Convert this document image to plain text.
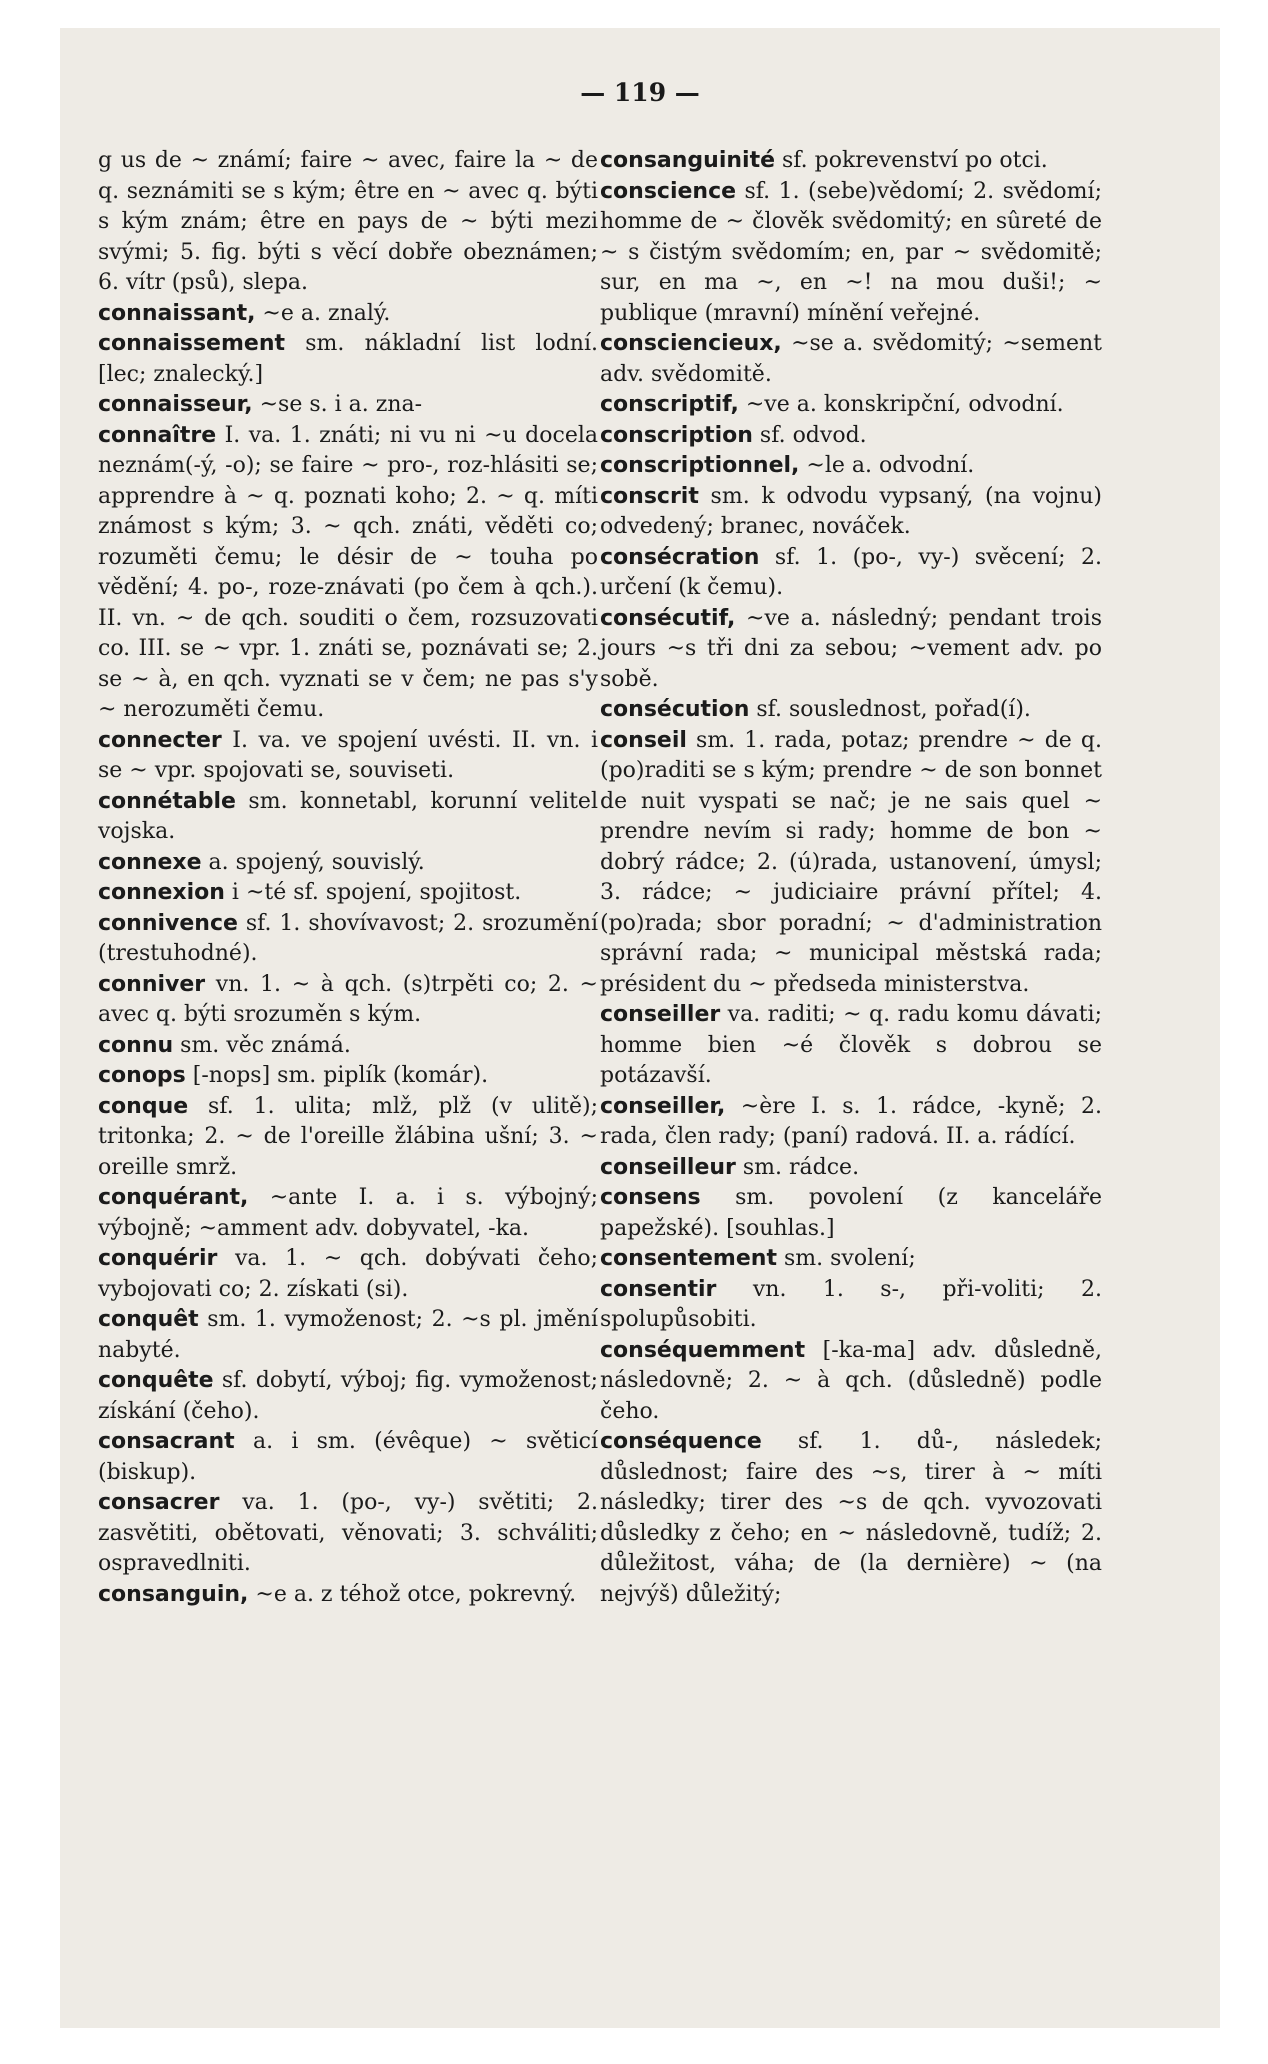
— 119 —

g us de ~ známí; faire ~ avec, faire la ~ de q. seznámiti se s kým; être en ~ avec q. býti s kým znám; être en pays de ~ býti mezi svými; 5. fig. býti s věcí dobře obeznámen; 6. vítr (psů), slepa.

connaissant, ~e a. znalý.

connaissement sm. nákladní list lodní. [lec; znalecký.]

connaisseur, ~se s. i a. zna-

connaître I. va. 1. znáti; ni vu ni ~u docela neznám(-ý, -o); se faire ~ pro-, roz-hlásiti se; apprendre à ~ q. poznati koho; 2. ~ q. míti známost s kým; 3. ~ qch. znáti, věděti co; rozuměti čemu; le désir de ~ touha po vědění; 4. po-, roze-znávati (po čem à qch.). II. vn. ~ de qch. souditi o čem, rozsuzovati co. III. se ~ vpr. 1. znáti se, poznávati se; 2. se ~ à, en qch. vyznati se v čem; ne pas s'y ~ nerozuměti čemu.

connecter I. va. ve spojení uvésti. II. vn. i se ~ vpr. spojovati se, souviseti.

connétable sm. konnetabl, korunní velitel vojska.

connexe a. spojený, souvislý.

connexion i ~té sf. spojení, spojitost.

connivence sf. 1. shovívavost; 2. srozumění (trestuhodné).

conniver vn. 1. ~ à qch. (s)trpěti co; 2. ~ avec q. býti srozuměn s kým.

connu sm. věc známá.

conops [-nops] sm. piplík (komár).

conque sf. 1. ulita; mlž, plž (v ulitě); tritonka; 2. ~ de l'oreille žlábina ušní; 3. ~ oreille smrž.

conquérant, ~ante I. a. i s. výbojný; výbojně; ~amment adv. dobyvatel, -ka.

conquérir va. 1. ~ qch. dobývati čeho; vybojovati co; 2. získati (si).

conquêt sm. 1. vymoženost; 2. ~s pl. jmění nabyté.

conquête sf. dobytí, výboj; fig. vymoženost; získání (čeho).

consacrant a. i sm. (évêque) ~ světicí (biskup).

consacrer va. 1. (po-, vy-) světiti; 2. zasvětiti, obětovati, věnovati; 3. schváliti; ospravedlniti.

consanguin, ~e a. z téhož otce, pokrevný.

consanguinité sf. pokrevenství po otci.

conscience sf. 1. (sebe)vědomí; 2. svědomí; homme de ~ člověk svědomitý; en sûreté de ~ s čistým svědomím; en, par ~ svědomitě; sur, en ma ~, en ~! na mou duši!; ~ publique (mravní) mínění veřejné.

consciencieux, ~se a. svědomitý; ~sement adv. svědomitě.

conscriptif, ~ve a. konskripční, odvodní.

conscription sf. odvod.

conscriptionnel, ~le a. odvodní.

conscrit sm. k odvodu vypsaný, (na vojnu) odvedený; branec, nováček.

consécration sf. 1. (po-, vy-) svěcení; 2. určení (k čemu).

consécutif, ~ve a. následný; pendant trois jours ~s tři dni za sebou; ~vement adv. po sobě.

consécution sf. souslednost, pořad(í).

conseil sm. 1. rada, potaz; prendre ~ de q. (po)raditi se s kým; prendre ~ de son bonnet de nuit vyspati se nač; je ne sais quel ~ prendre nevím si rady; homme de bon ~ dobrý rádce; 2. (ú)rada, ustanovení, úmysl; 3. rádce; ~ judiciaire právní přítel; 4. (po)rada; sbor poradní; ~ d'administration správní rada; ~ municipal městská rada; président du ~ předseda ministerstva.

conseiller va. raditi; ~ q. radu komu dávati; homme bien ~é člověk s dobrou se potázavší.

conseiller, ~ère I. s. 1. rádce, -kyně; 2. rada, člen rady; (paní) radová. II. a. rádící.

conseilleur sm. rádce.

consens sm. povolení (z kanceláře papežské). [souhlas.]

consentement sm. svolení;

consentir vn. 1. s-, při-voliti; 2. spolupůsobiti.

conséquemment [-ka-ma] adv. důsledně, následovně; 2. ~ à qch. (důsledně) podle čeho.

conséquence sf. 1. dů-, následek; důslednost; faire des ~s, tirer à ~ míti následky; tirer des ~s de qch. vyvozovati důsledky z čeho; en ~ následovně, tudíž; 2. důležitost, váha; de (la dernière) ~ (na nejvýš) důležitý;
